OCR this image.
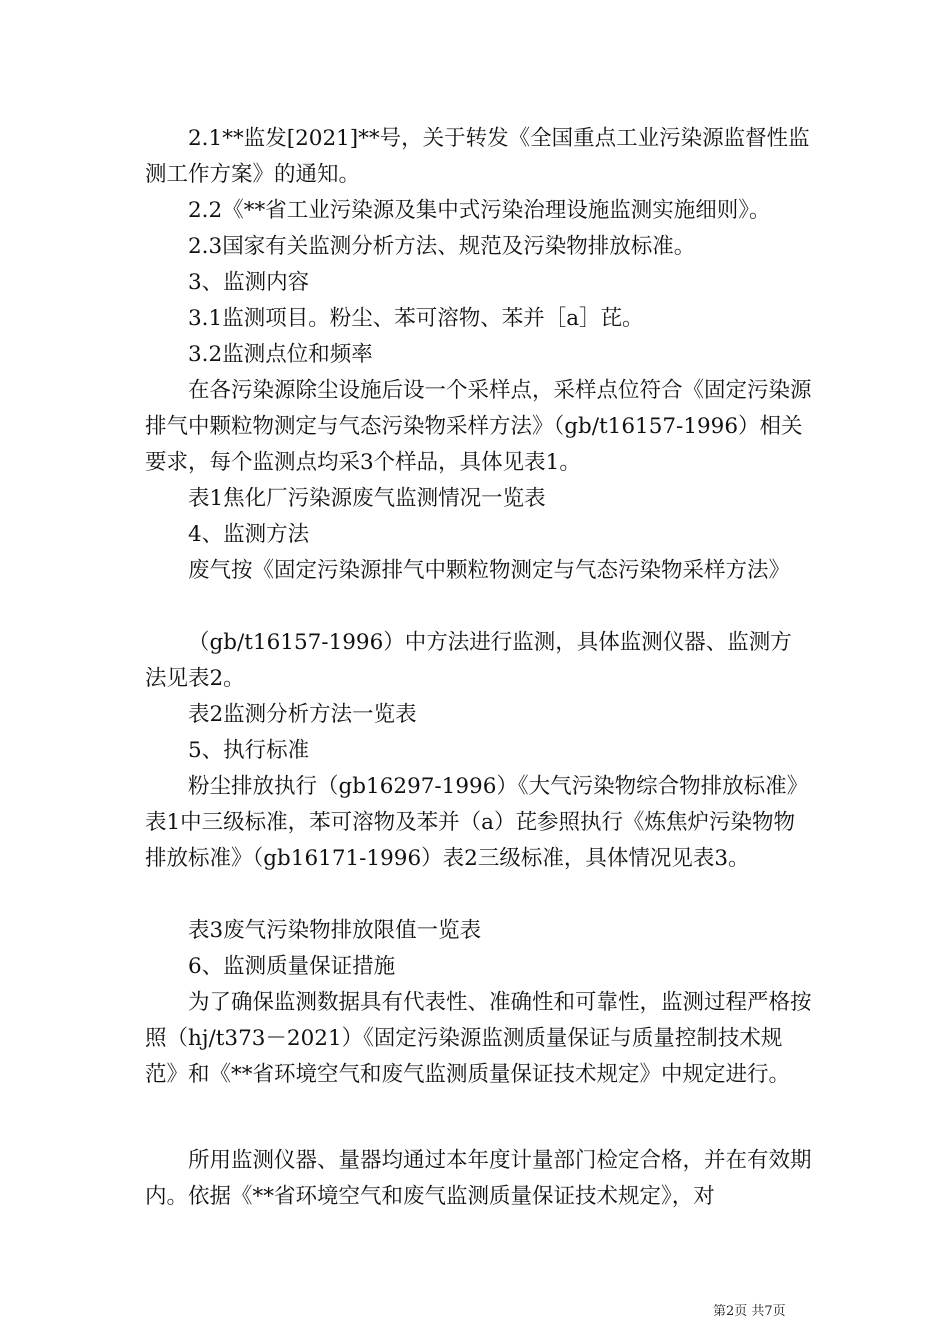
2.1**监发[2021]**号，关于转发《全国重点工业污染源监督性监测工作方案》的通知。

2.2《**省工业污染源及集中式污染治理设施监测实施细则》。

2.3国家有关监测分析方法、规范及污染物排放标准。

3、监测内容

3.1监测项目。粉尘、苯可溶物、苯并［a］芘。

3.2监测点位和频率

在各污染源除尘设施后设一个采样点，采样点位符合《固定污染源排气中颗粒物测定与气态污染物采样方法》（gb/t16157-1996）相关要求，每个监测点均采3个样品，具体见表1。

表1焦化厂污染源废气监测情况一览表

4、监测方法

废气按《固定污染源排气中颗粒物测定与气态污染物采样方法》

（gb/t16157-1996）中方法进行监测，具体监测仪器、监测方法见表2。

表2监测分析方法一览表

5、执行标准

粉尘排放执行（gb16297-1996）《大气污染物综合物排放标准》表1中三级标准，苯可溶物及苯并（a）芘参照执行《炼焦炉污染物物排放标准》（gb16171-1996）表2三级标准，具体情况见表3。

表3废气污染物排放限值一览表

6、监测质量保证措施

为了确保监测数据具有代表性、准确性和可靠性，监测过程严格按照（hj/t373－2021）《固定污染源监测质量保证与质量控制技术规范》和《**省环境空气和废气监测质量保证技术规定》中规定进行。

所用监测仪器、量器均通过本年度计量部门检定合格，并在有效期内。依据《**省环境空气和废气监测质量保证技术规定》，对

第2页 共7页
